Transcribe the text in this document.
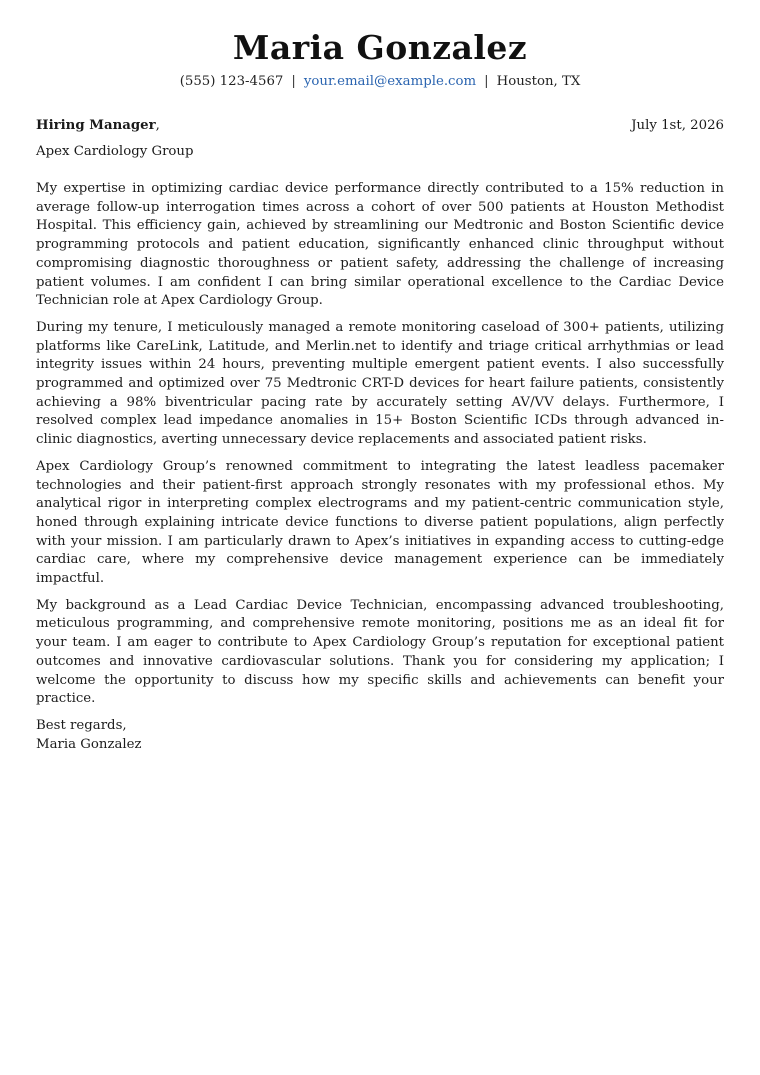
Maria Gonzalez
(555) 123-4567 | your.email@example.com | Houston, TX
Hiring Manager,	July 1st, 2026
Apex Cardiology Group

My expertise in optimizing cardiac device performance directly contributed to a 15% reduction in average follow-up interrogation times across a cohort of over 500 patients at Houston Methodist Hospital. This efficiency gain, achieved by streamlining our Medtronic and Boston Scientific device programming protocols and patient education, significantly enhanced clinic throughput without compromising diagnostic thoroughness or patient safety, addressing the challenge of increasing patient volumes. I am confident I can bring similar operational excellence to the Cardiac Device Technician role at Apex Cardiology Group.

During my tenure, I meticulously managed a remote monitoring caseload of 300+ patients, utilizing platforms like CareLink, Latitude, and Merlin.net to identify and triage critical arrhythmias or lead integrity issues within 24 hours, preventing multiple emergent patient events. I also successfully programmed and optimized over 75 Medtronic CRT-D devices for heart failure patients, consistently achieving a 98% biventricular pacing rate by accurately setting AV/VV delays. Furthermore, I resolved complex lead impedance anomalies in 15+ Boston Scientific ICDs through advanced in-clinic diagnostics, averting unnecessary device replacements and associated patient risks.

Apex Cardiology Group’s renowned commitment to integrating the latest leadless pacemaker technologies and their patient-first approach strongly resonates with my professional ethos. My analytical rigor in interpreting complex electrograms and my patient-centric communication style, honed through explaining intricate device functions to diverse patient populations, align perfectly with your mission. I am particularly drawn to Apex’s initiatives in expanding access to cutting-edge cardiac care, where my comprehensive device management experience can be immediately impactful.

My background as a Lead Cardiac Device Technician, encompassing advanced troubleshooting, meticulous programming, and comprehensive remote monitoring, positions me as an ideal fit for your team. I am eager to contribute to Apex Cardiology Group’s reputation for exceptional patient outcomes and innovative cardiovascular solutions. Thank you for considering my application; I welcome the opportunity to discuss how my specific skills and achievements can benefit your practice.

Best regards,
Maria Gonzalez
